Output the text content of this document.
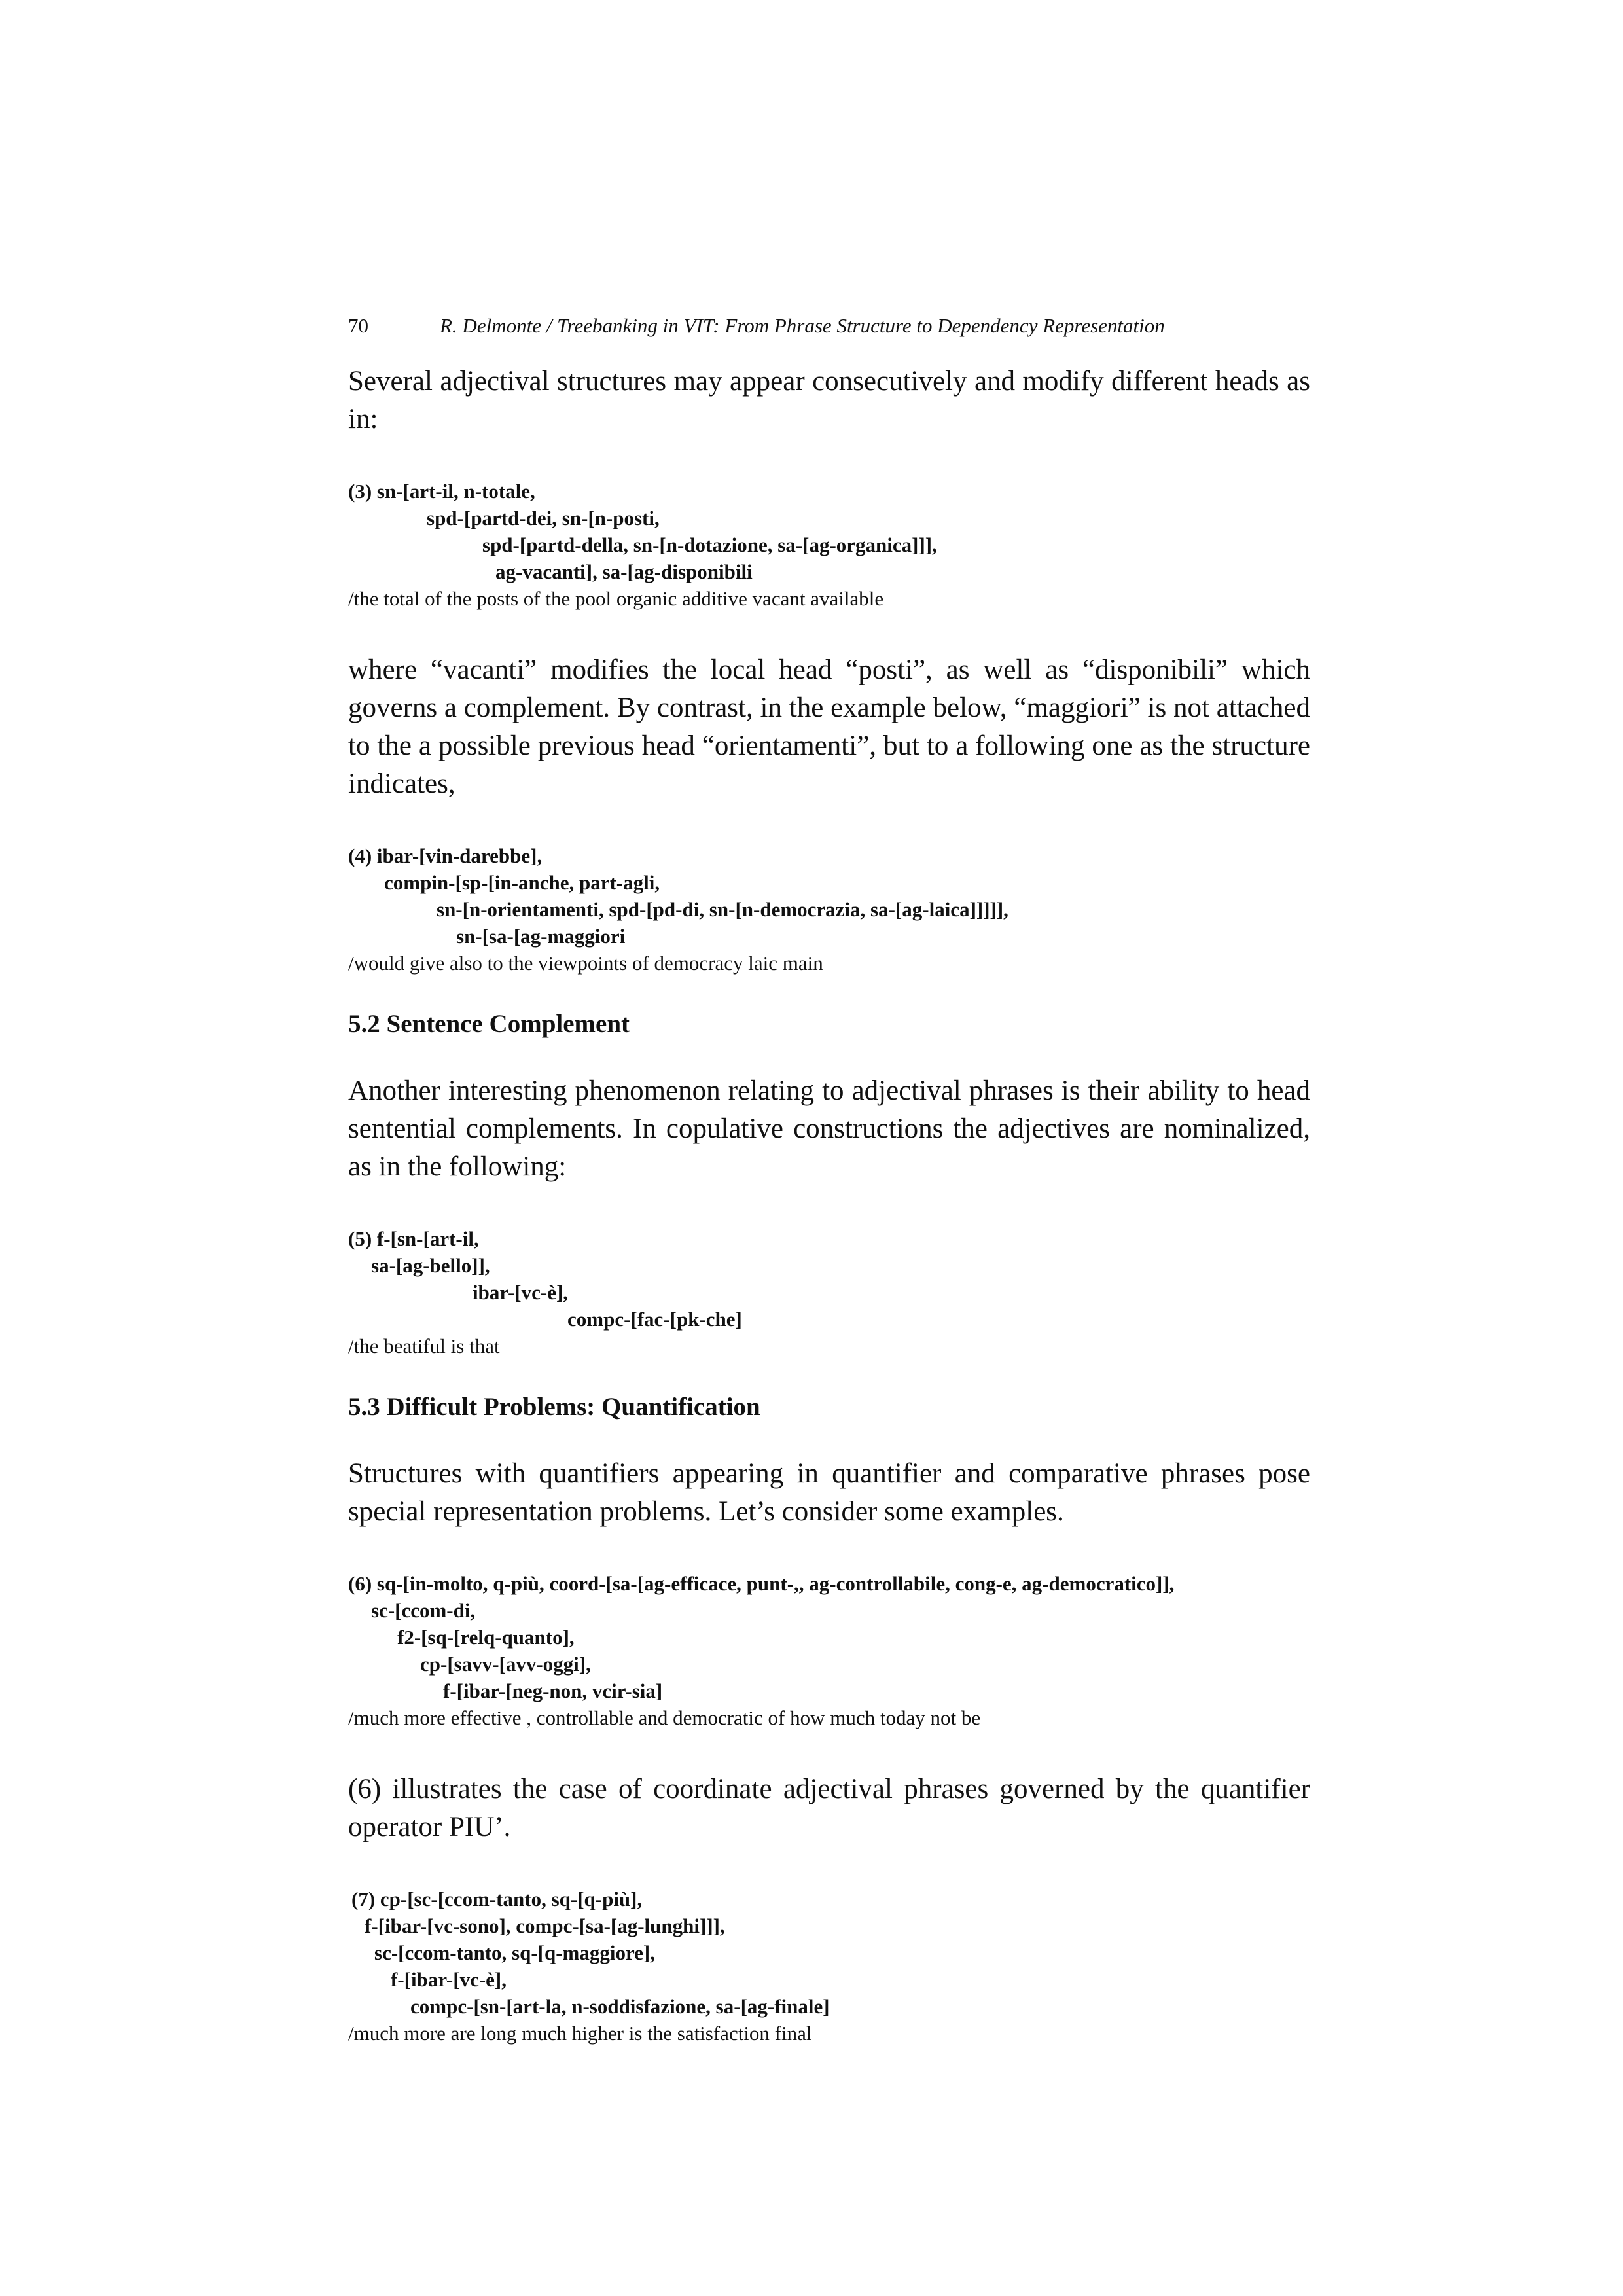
70	R. Delmonte / Treebanking in VIT: From Phrase Structure to Dependency Representation

Several adjectival structures may appear consecutively and modify different heads as in:

(3) sn-[art-il, n-totale,
spd-[partd-dei, sn-[n-posti,
spd-[partd-della, sn-[n-dotazione, sa-[ag-organica]]],
ag-vacanti], sa-[ag-disponibili
/the total of the posts of the pool organic additive vacant available

where “vacanti” modifies the local head “posti”, as well as “disponibili” which governs a complement. By contrast, in the example below, “maggiori” is not attached to the a possible previous head “orientamenti”, but to a following one as the structure indicates,

(4) ibar-[vin-darebbe],
compin-[sp-[in-anche, part-agli,
sn-[n-orientamenti, spd-[pd-di, sn-[n-democrazia, sa-[ag-laica]]]]],
sn-[sa-[ag-maggiori
/would give also to the viewpoints of democracy laic main
5.2 Sentence Complement

Another interesting phenomenon relating to adjectival phrases is their ability to head sentential complements. In copulative constructions the adjectives are nominalized, as in the following:

(5) f-[sn-[art-il,
sa-[ag-bello]],
ibar-[vc-è],
compc-[fac-[pk-che]
/the beatiful is that
5.3 Difficult Problems: Quantification

Structures with quantifiers appearing in quantifier and comparative phrases pose special representation problems. Let’s consider some examples.

(6) sq-[in-molto, q-più, coord-[sa-[ag-efficace, punt-,, ag-controllabile, cong-e, ag-democratico]],
sc-[ccom-di,
f2-[sq-[relq-quanto],
cp-[savv-[avv-oggi],
f-[ibar-[neg-non, vcir-sia]
/much more effective , controllable and democratic of how much today not be

(6) illustrates the case of coordinate adjectival phrases governed by the quantifier operator PIU’.

(7) cp-[sc-[ccom-tanto, sq-[q-più],
f-[ibar-[vc-sono], compc-[sa-[ag-lunghi]]],
sc-[ccom-tanto, sq-[q-maggiore],
f-[ibar-[vc-è],
compc-[sn-[art-la, n-soddisfazione, sa-[ag-finale]
/much more are long much higher is the satisfaction final
